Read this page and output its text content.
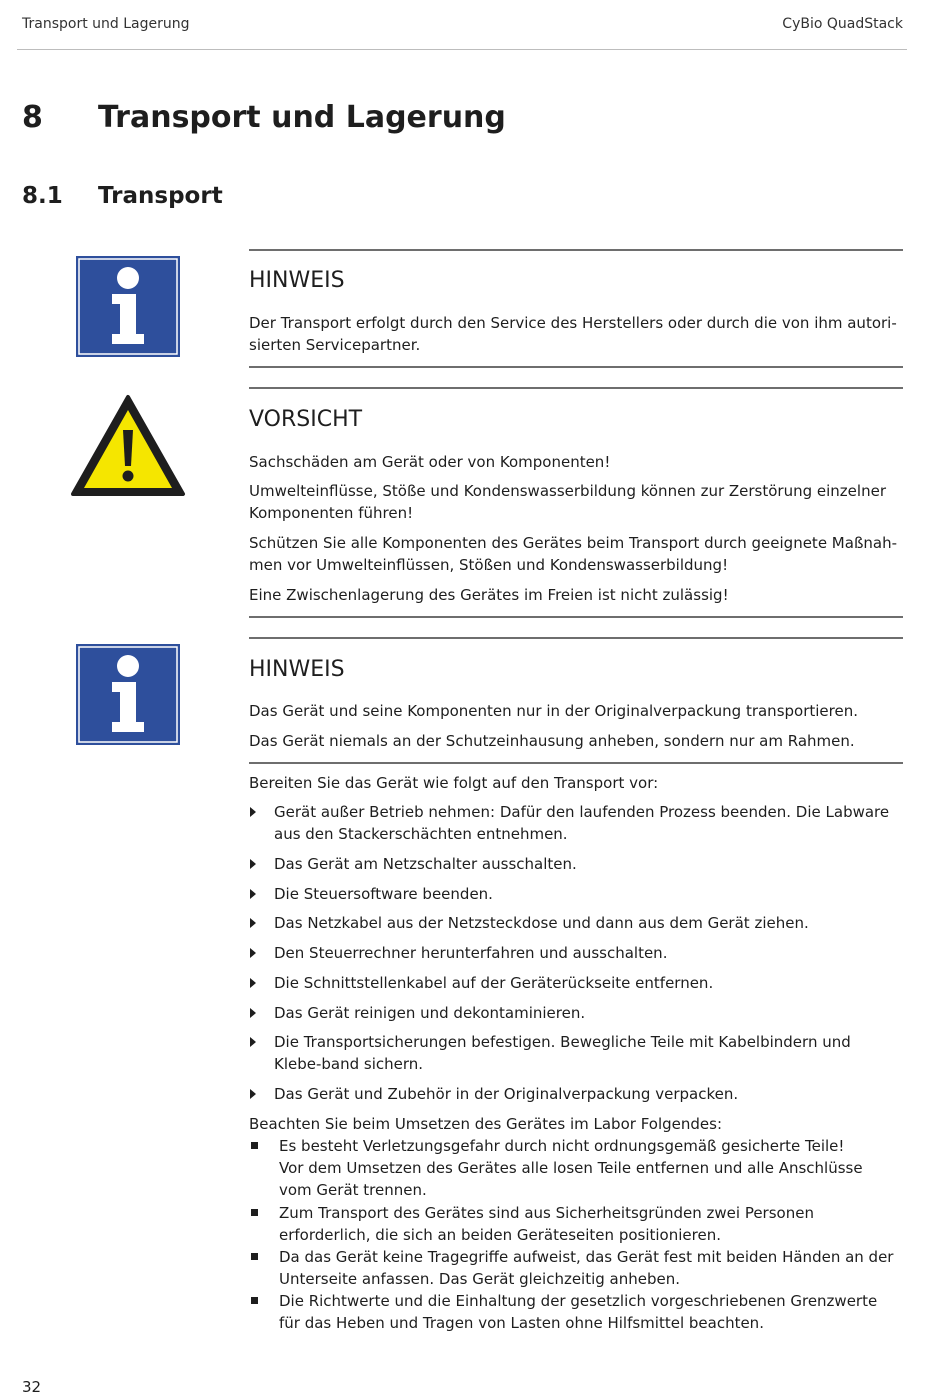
Transport und Lagerung	CyBio QuadStack
8 Transport und Lagerung
8.1 Transport
HINWEIS

Der Transport erfolgt durch den Service des Herstellers oder durch die von ihm autori-sierten Servicepartner.

VORSICHT

Sachschäden am Gerät oder von Komponenten!

Umwelteinflüsse, Stöße und Kondenswasserbildung können zur Zerstörung einzelner Komponenten führen!

Schützen Sie alle Komponenten des Gerätes beim Transport durch geeignete Maßnah-men vor Umwelteinflüssen, Stößen und Kondenswasserbildung!

Eine Zwischenlagerung des Gerätes im Freien ist nicht zulässig!

HINWEIS

Das Gerät und seine Komponenten nur in der Originalverpackung transportieren.

Das Gerät niemals an der Schutzeinhausung anheben, sondern nur am Rahmen.

Bereiten Sie das Gerät wie folgt auf den Transport vor:

Gerät außer Betrieb nehmen: Dafür den laufenden Prozess beenden. Die Labware aus den Stackerschächten entnehmen.
Das Gerät am Netzschalter ausschalten.
Die Steuersoftware beenden.
Das Netzkabel aus der Netzsteckdose und dann aus dem Gerät ziehen.
Den Steuerrechner herunterfahren und ausschalten.
Die Schnittstellenkabel auf der Geräterückseite entfernen.
Das Gerät reinigen und dekontaminieren.
Die Transportsicherungen befestigen. Bewegliche Teile mit Kabelbindern und Klebe-band sichern.
Das Gerät und Zubehör in der Originalverpackung verpacken.

Beachten Sie beim Umsetzen des Gerätes im Labor Folgendes:

Es besteht Verletzungsgefahr durch nicht ordnungsgemäß gesicherte Teile!
Vor dem Umsetzen des Gerätes alle losen Teile entfernen und alle Anschlüsse vom Gerät trennen.
Zum Transport des Gerätes sind aus Sicherheitsgründen zwei Personen erforderlich, die sich an beiden Geräteseiten positionieren.
Da das Gerät keine Tragegriffe aufweist, das Gerät fest mit beiden Händen an der Unterseite anfassen. Das Gerät gleichzeitig anheben.
Die Richtwerte und die Einhaltung der gesetzlich vorgeschriebenen Grenzwerte für das Heben und Tragen von Lasten ohne Hilfsmittel beachten.
32
